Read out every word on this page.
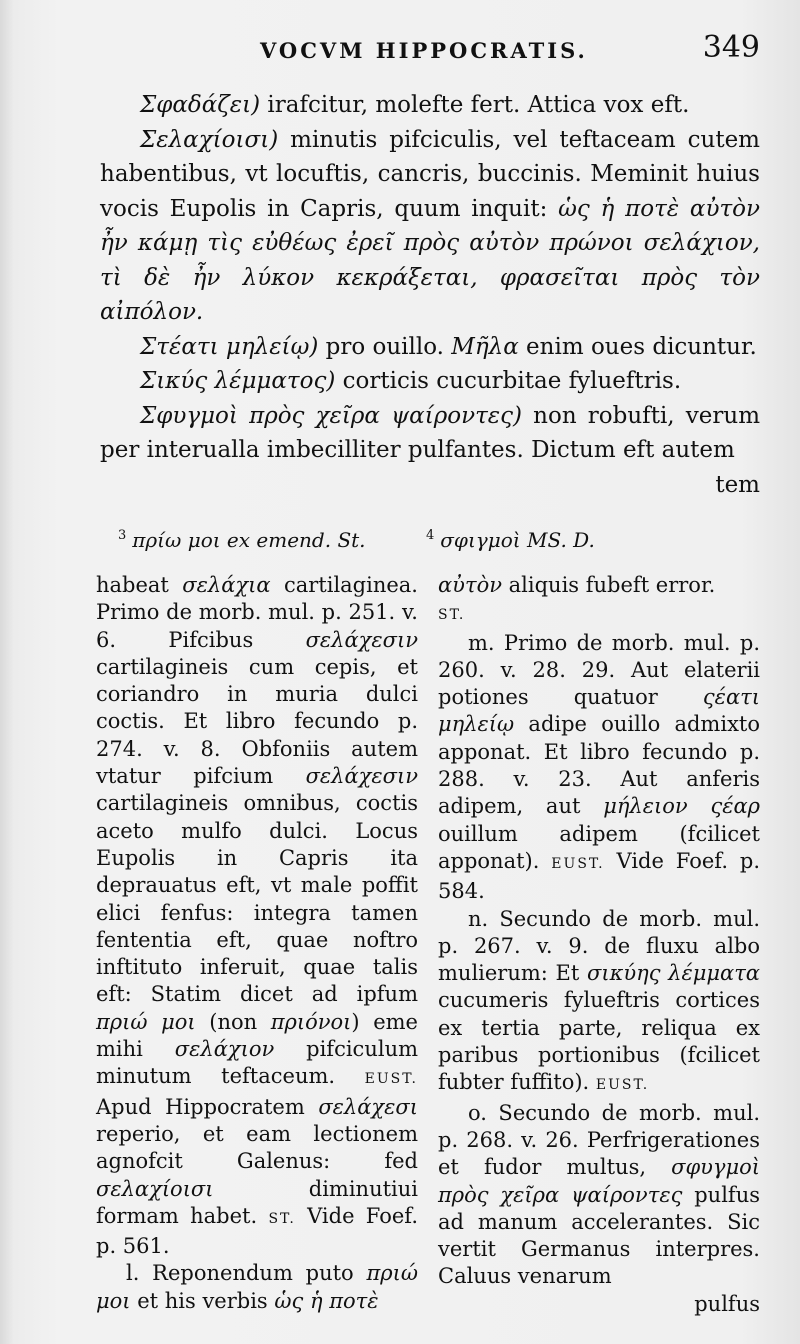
VOCVM HIPPOCRATIS.	349

Σφαδάζει) irafcitur, molefte fert. Attica vox eft.

Σελαχίοισι) minutis pifciculis, vel teftaceam cutem habentibus, vt locuftis, cancris, buccinis. Meminit huius vocis Eupolis in Capris, quum inquit: ὡς ἡ ποτὲ αὐτὸν ἦν κάμῃ τὶς εὐθέως ἐρεῖ πρὸς αὐτὸν πρώνοι σελάχιον, τὶ δὲ ἦν λύκον κεκράξεται, φρασεῖται πρὸς τὸν αἰπόλον.

Στέατι μηλείῳ) pro ouillo. Μῆλα enim oues dicuntur.

Σικύς λέμματος) corticis cucurbitae fylueftris.

Σφυγμοὶ πρὸς χεῖρα ψαίροντες) non robufti, verum per interualla imbecilliter pulfantes. Dictum eft autem

tem

$^3$ πρίω μοι ex emend. St.	$^4$ σφιγμοὶ MS. D.

habeat σελάχια cartilaginea. Primo de morb. mul. p. 251. v. 6. Pifcibus σελάχεσιν cartilagineis cum cepis, et coriandro in muria dulci coctis. Et libro fecundo p. 274. v. 8. Obfoniis autem vtatur pifcium σελάχεσιν cartilagineis omnibus, coctis aceto mulfo dulci. Locus Eupolis in Capris ita deprauatus eft, vt male poffit elici fenfus: integra tamen fententia eft, quae noftro inftituto inferuit, quae talis eft: Statim dicet ad ipfum πριώ μοι (non πριόνοι) eme mihi σελάχιον pifciculum minutum teftaceum. EUST. Apud Hippocratem σελάχεσι reperio, et eam lectionem agnofcit Galenus: fed σελαχίοισι diminutiui formam habet. ST. Vide Foef. p. 561.

l. Reponendum puto πριώ μοι et his verbis ὡς ἡ ποτὲ

αὐτὸν aliquis fubeft error.
ST.

m. Primo de morb. mul. p. 260. v. 28. 29. Aut elaterii potiones quatuor ςέατι μηλείῳ adipe ouillo admixto apponat. Et libro fecundo p. 288. v. 23. Aut anferis adipem, aut μήλειον ςέαρ ouillum adipem (fcilicet apponat). EUST. Vide Foef. p. 584.

n. Secundo de morb. mul. p. 267. v. 9. de fluxu albo mulierum: Et σικύης λέμματα cucumeris fylueftris cortices ex tertia parte, reliqua ex paribus portionibus (fcilicet fubter fuffito). EUST.

o. Secundo de morb. mul. p. 268. v. 26. Perfrigerationes et fudor multus, σφυγμοὶ πρὸς χεῖρα ψαίροντες pulfus ad manum accelerantes. Sic vertit Germanus interpres. Caluus venarum

pulfus
